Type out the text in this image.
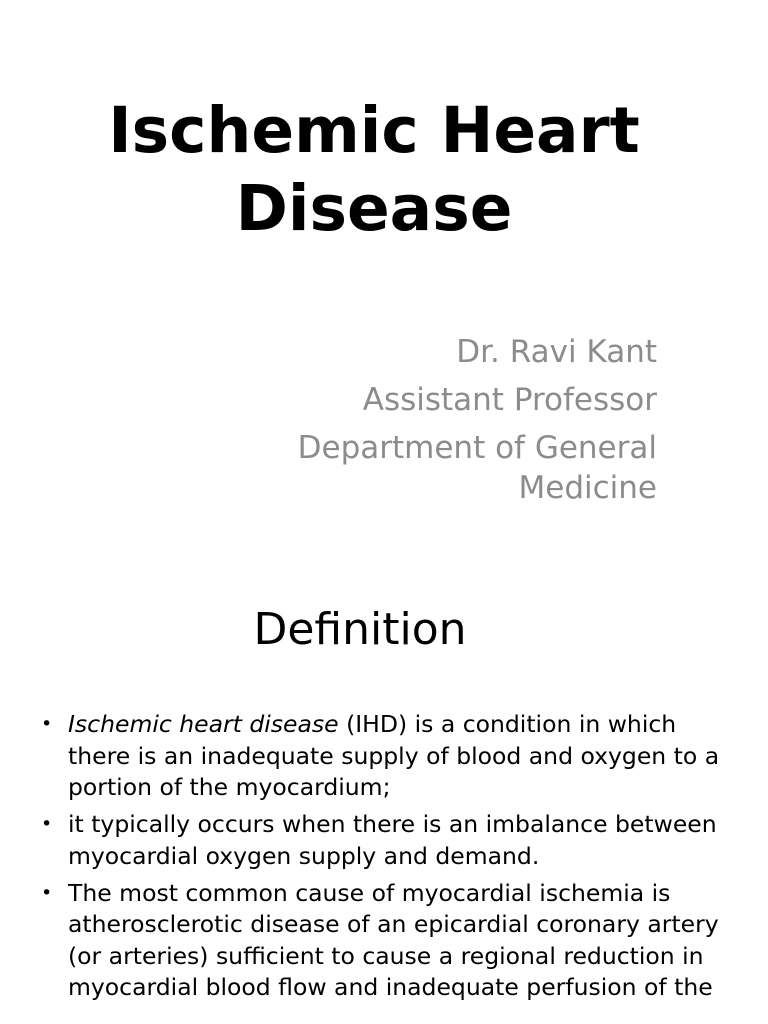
Ischemic Heart
Disease
Dr. Ravi Kant
Assistant Professor
Department of General
Medicine
Definition
• Ischemic heart disease (IHD) is a condition in which there is an inadequate supply of blood and oxygen to a portion of the myocardium;
• it typically occurs when there is an imbalance between myocardial oxygen supply and demand.
• The most common cause of myocardial ischemia is atherosclerotic disease of an epicardial coronary artery (or arteries) sufficient to cause a regional reduction in myocardial blood flow and inadequate perfusion of the
